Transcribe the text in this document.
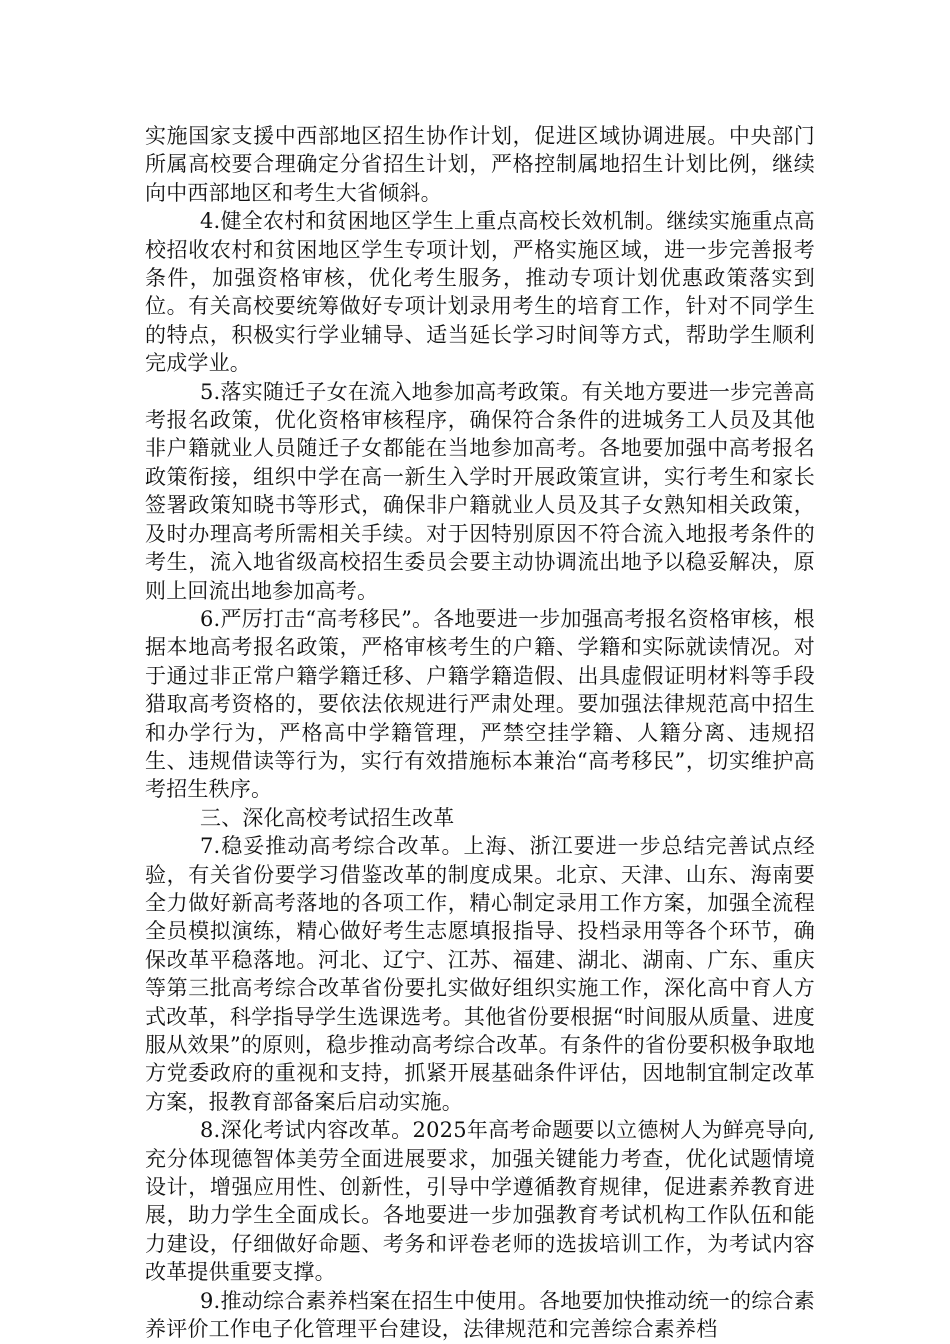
实施国家支援中西部地区招生协作计划，促进区域协调进展。中央部门所属高校要合理确定分省招生计划，严格控制属地招生计划比例，继续向中西部地区和考生大省倾斜。

4.健全农村和贫困地区学生上重点高校长效机制。继续实施重点高校招收农村和贫困地区学生专项计划，严格实施区域，进一步完善报考条件，加强资格审核，优化考生服务，推动专项计划优惠政策落实到位。有关高校要统筹做好专项计划录用考生的培育工作，针对不同学生的特点，积极实行学业辅导、适当延长学习时间等方式，帮助学生顺利完成学业。

5.落实随迁子女在流入地参加高考政策。有关地方要进一步完善高考报名政策，优化资格审核程序，确保符合条件的进城务工人员及其他非户籍就业人员随迁子女都能在当地参加高考。各地要加强中高考报名政策衔接，组织中学在高一新生入学时开展政策宣讲，实行考生和家长签署政策知晓书等形式，确保非户籍就业人员及其子女熟知相关政策，及时办理高考所需相关手续。对于因特别原因不符合流入地报考条件的考生，流入地省级高校招生委员会要主动协调流出地予以稳妥解决，原则上回流出地参加高考。

6.严厉打击“高考移民”。各地要进一步加强高考报名资格审核，根据本地高考报名政策，严格审核考生的户籍、学籍和实际就读情况。对于通过非正常户籍学籍迁移、户籍学籍造假、出具虚假证明材料等手段猎取高考资格的，要依法依规进行严肃处理。要加强法律规范高中招生和办学行为，严格高中学籍管理，严禁空挂学籍、人籍分离、违规招生、违规借读等行为，实行有效措施标本兼治“高考移民”，切实维护高考招生秩序。

三、深化高校考试招生改革

7.稳妥推动高考综合改革。上海、浙江要进一步总结完善试点经验，有关省份要学习借鉴改革的制度成果。北京、天津、山东、海南要全力做好新高考落地的各项工作，精心制定录用工作方案，加强全流程全员模拟演练，精心做好考生志愿填报指导、投档录用等各个环节，确保改革平稳落地。河北、辽宁、江苏、福建、湖北、湖南、广东、重庆等第三批高考综合改革省份要扎实做好组织实施工作，深化高中育人方式改革，科学指导学生选课选考。其他省份要根据“时间服从质量、进度服从效果”的原则，稳步推动高考综合改革。有条件的省份要积极争取地方党委政府的重视和支持，抓紧开展基础条件评估，因地制宜制定改革方案，报教育部备案后启动实施。

8.深化考试内容改革。2025年高考命题要以立德树人为鲜亮导向,充分体现德智体美劳全面进展要求，加强关键能力考查，优化试题情境设计，增强应用性、创新性，引导中学遵循教育规律，促进素养教育进展，助力学生全面成长。各地要进一步加强教育考试机构工作队伍和能力建设，仔细做好命题、考务和评卷老师的选拔培训工作，为考试内容改革提供重要支撑。

9.推动综合素养档案在招生中使用。各地要加快推动统一的综合素养评价工作电子化管理平台建设，法律规范和完善综合素养档
